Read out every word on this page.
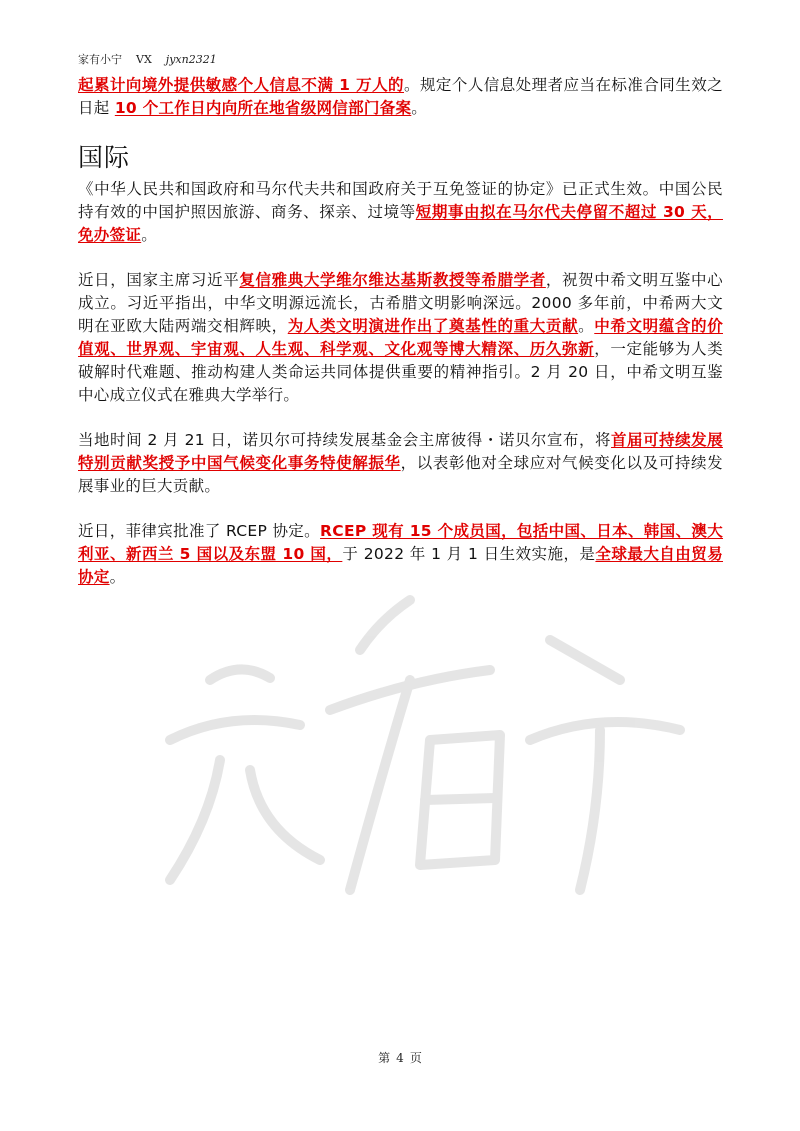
家有小宁 VX jyxn2321

起累计向境外提供敏感个人信息不满 1 万人的。规定个人信息处理者应当在标准合同生效之日起 10 个工作日内向所在地省级网信部门备案。

国际

《中华人民共和国政府和马尔代夫共和国政府关于互免签证的协定》已正式生效。中国公民持有效的中国护照因旅游、商务、探亲、过境等短期事由拟在马尔代夫停留不超过 30 天，免办签证。

近日，国家主席习近平复信雅典大学维尔维达基斯教授等希腊学者，祝贺中希文明互鉴中心成立。习近平指出，中华文明源远流长，古希腊文明影响深远。2000 多年前，中希两大文明在亚欧大陆两端交相辉映，为人类文明演进作出了奠基性的重大贡献。中希文明蕴含的价值观、世界观、宇宙观、人生观、科学观、文化观等博大精深、历久弥新，一定能够为人类破解时代难题、推动构建人类命运共同体提供重要的精神指引。2 月 20 日，中希文明互鉴中心成立仪式在雅典大学举行。

当地时间 2 月 21 日，诺贝尔可持续发展基金会主席彼得・诺贝尔宣布，将首届可持续发展特别贡献奖授予中国气候变化事务特使解振华，以表彰他对全球应对气候变化以及可持续发展事业的巨大贡献。

近日，菲律宾批准了 RCEP 协定。RCEP 现有 15 个成员国，包括中国、日本、韩国、澳大利亚、新西兰 5 国以及东盟 10 国，于 2022 年 1 月 1 日生效实施，是全球最大自由贸易协定。

第 4 页
